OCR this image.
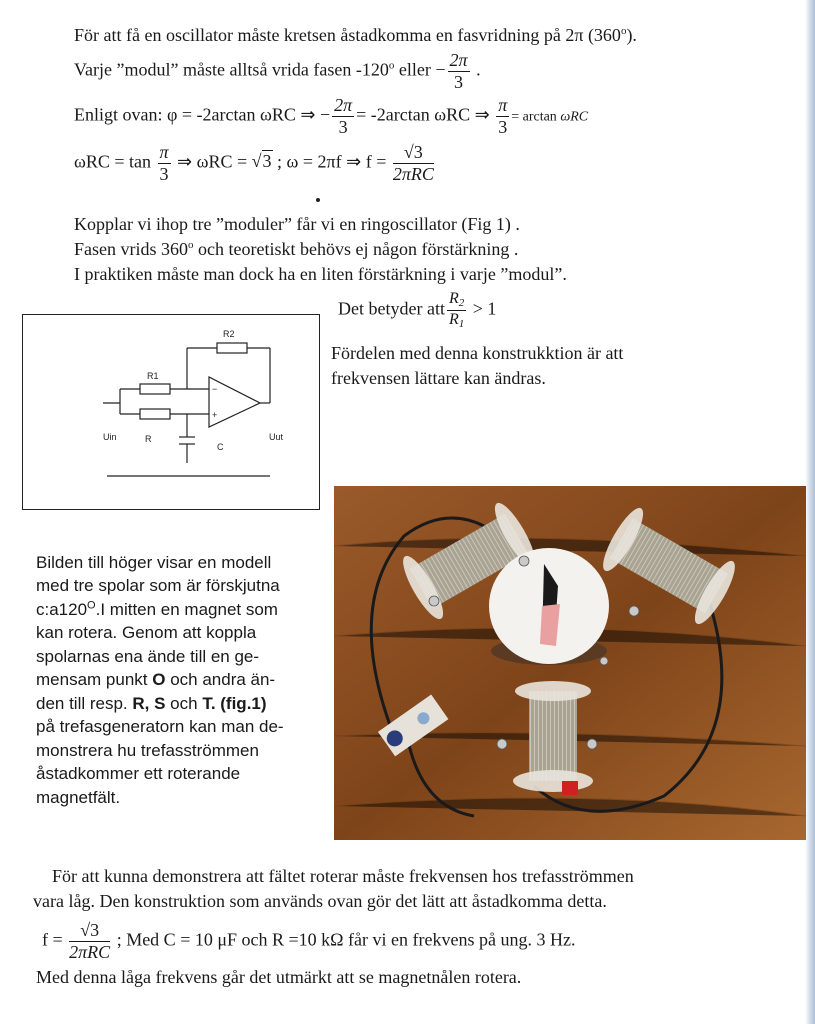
För att få en oscillator måste kretsen åstadkomma en fasvridning på 2π (360$^o$).
Varje ”modul” måste alltså vrida fasen -120$^o$ eller − $\frac{2\pi}{3}$ .
Enligt ovan: φ = -2arctan ωRC ⇒ − $\frac{2\pi}{3} = -2\arctan$ ωRC ⇒ $\frac{\pi}{3} = \arctan \omega RC$
$\omega RC = \tan \frac{\pi}{3}$ ⇒ ωRC = √3 ; ω = 2πf ⇒ $f = \frac{√3}{\text{2πRC}}$
Kopplar vi ihop tre ”moduler” får vi en ringoscillator (Fig 1) .
Fasen vrids 360$^o$ och teoretiskt behövs ej någon förstärkning .
I praktiken måste man dock ha en liten förstärkning i varje ”modul”.
Det betyder att $\frac{R_2}{R_1} > 1$
Fördelen med denna konstrukktion är att
frekvensen lättare kan ändras.
R2
R1
R
C
Uin	Uut
−
+
Bilden till höger visar en modell
med tre spolar som är förskjutna
$c:a120^O.I$ mitten en magnet som
kan rotera. Genom att koppla
spolarnas ena ände till en ge-
mensam punkt O och andra än-
den till resp. R, S och T. (fig.1)
på trefasgeneratorn kan man de-
monstrera hu trefasströmmen
åstadkommer ett roterande
magnetfält.
För att kunna demonstrera att fältet roterar måste frekvensen hos trefasströmmen
vara låg. Den konstruktion som används ovan gör det lätt att åstadkomma detta.
$f = \frac{√3}{\text{2πRC}}$ ; Med C = 10 μF och R =10 kΩ får vi en frekvens på ung. 3 Hz.
Med denna låga frekvens går det utmärkt att se magnetnålen rotera.
